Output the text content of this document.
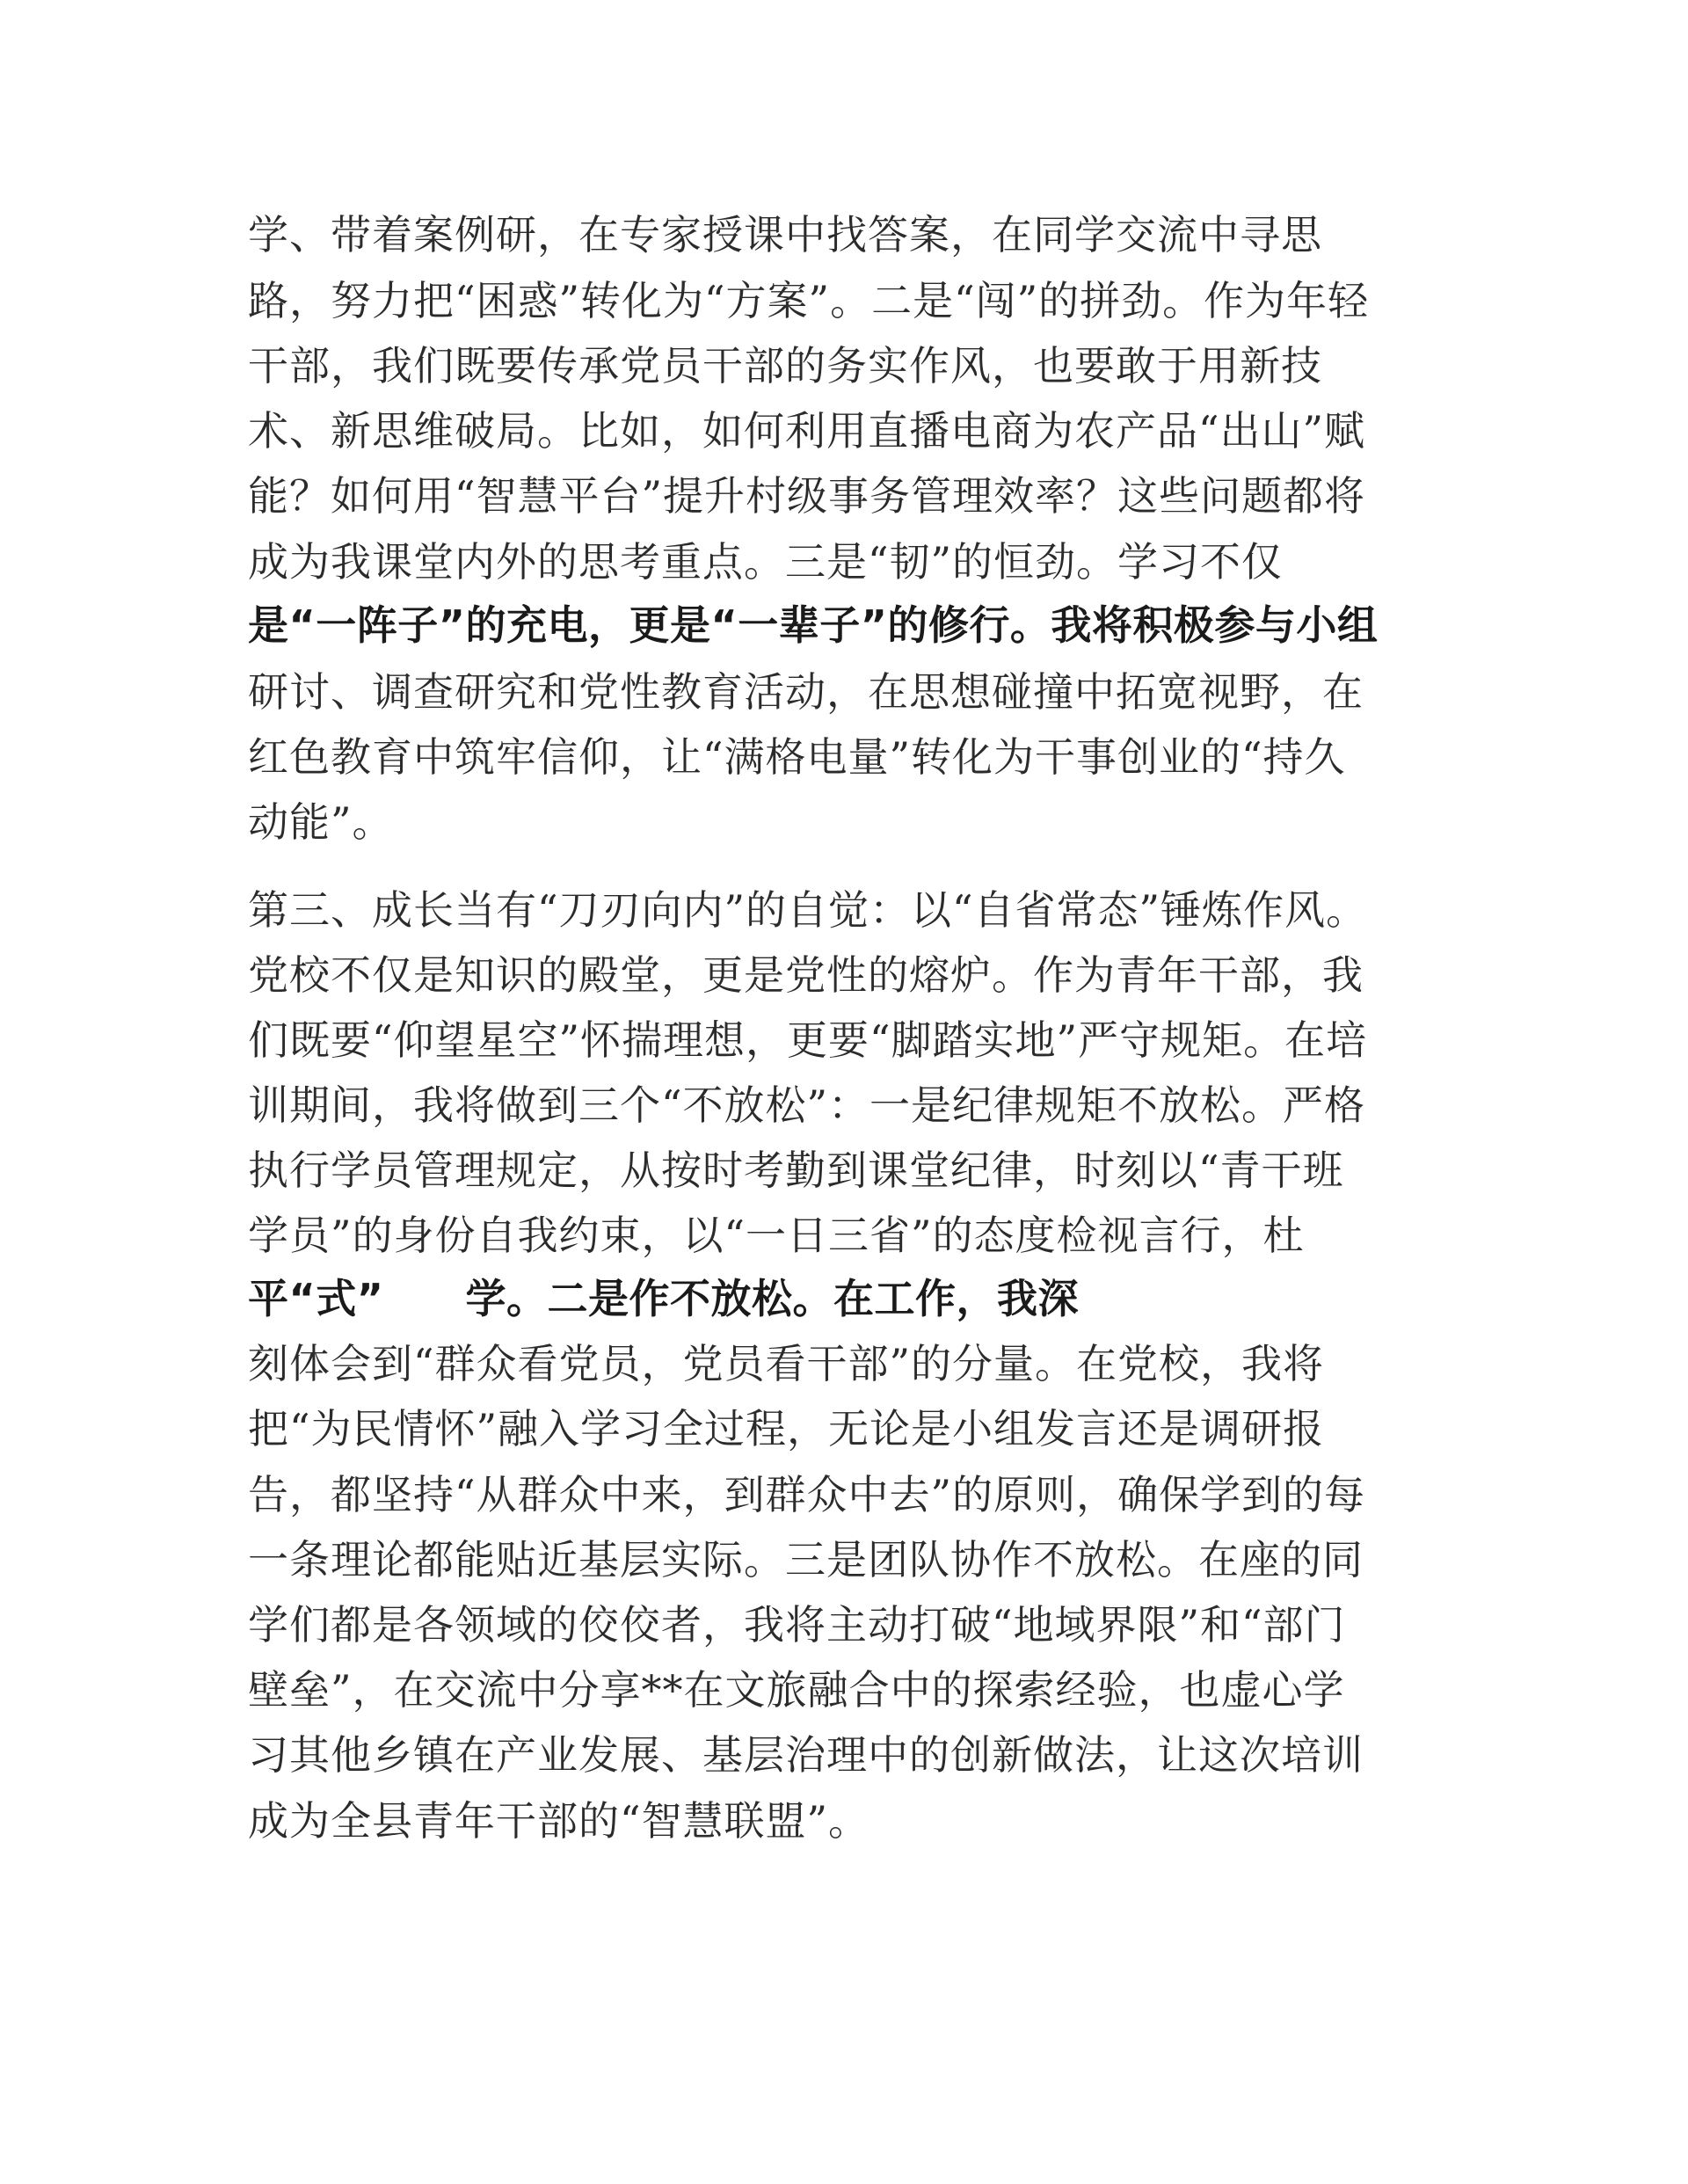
学、带着案例研，在专家授课中找答案，在同学交流中寻思
路，努力把“困惑”转化为“方案”。二是“闯”的拼劲。作为年轻
干部，我们既要传承党员干部的务实作风，也要敢于用新技
术、新思维破局。比如，如何利用直播电商为农产品“出山”赋
能？如何用“智慧平台”提升村级事务管理效率？这些问题都将
成为我课堂内外的思考重点。三是“韧”的恒劲。学习不仅
是“一阵子”的充电，更是“一辈子”的修行。我将积极参与小组
研讨、调查研究和党性教育活动，在思想碰撞中拓宽视野，在
红色教育中筑牢信仰，让“满格电量”转化为干事创业的“持久
动能”。
第三、成长当有“刀刃向内”的自觉：以“自省常态”锤炼作风。
党校不仅是知识的殿堂，更是党性的熔炉。作为青年干部，我
们既要“仰望星空”怀揣理想，更要“脚踏实地”严守规矩。在培
训期间，我将做到三个“不放松”：一是纪律规矩不放松。严格
执行学员管理规定，从按时考勤到课堂纪律，时刻以“青干班
学员”的身份自我约束，以“一日三省”的态度检视言行，杜
平“式”　　学。二是作不放松。在工作，我深
刻体会到“群众看党员，党员看干部”的分量。在党校，我将
把“为民情怀”融入学习全过程，无论是小组发言还是调研报
告，都坚持“从群众中来，到群众中去”的原则，确保学到的每
一条理论都能贴近基层实际。三是团队协作不放松。在座的同
学们都是各领域的佼佼者，我将主动打破“地域界限”和“部门
壁垒”，在交流中分享**在文旅融合中的探索经验，也虚心学
习其他乡镇在产业发展、基层治理中的创新做法，让这次培训
成为全县青年干部的“智慧联盟”。
